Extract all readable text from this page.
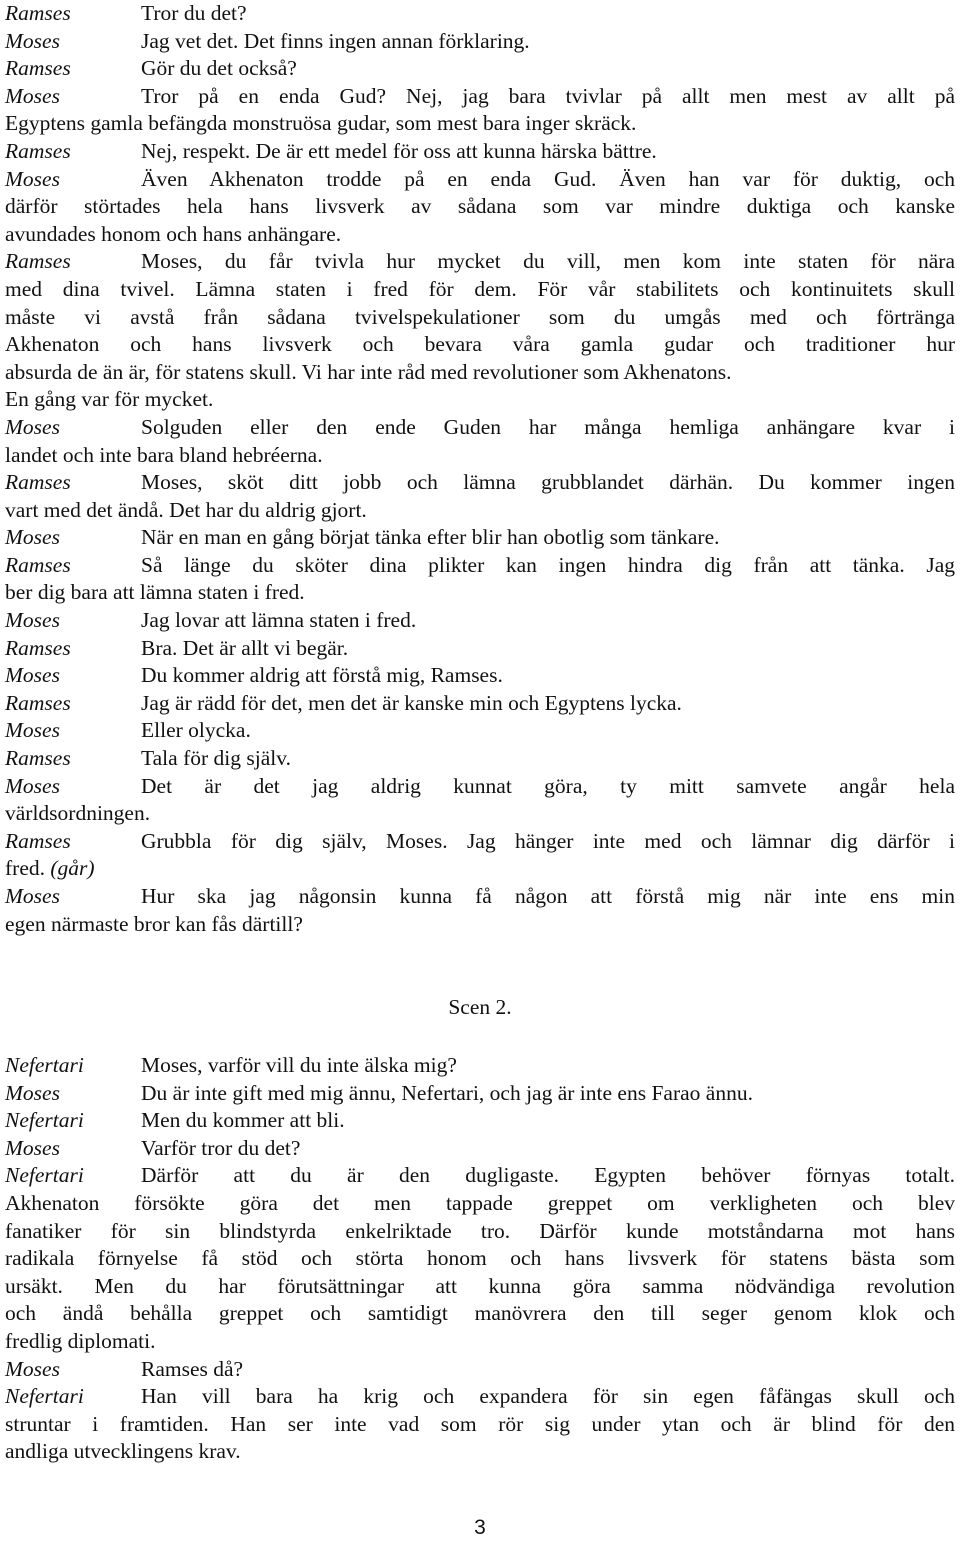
Ramses	Tror du det?
Moses	Jag vet det. Det finns ingen annan förklaring.
Ramses	Gör du det också?
Moses	Tror på en enda Gud? Nej, jag bara tvivlar på allt men mest av allt på
Egyptens gamla befängda monstruösa gudar, som mest bara inger skräck.
Ramses	Nej, respekt. De är ett medel för oss att kunna härska bättre.
Moses	Även Akhenaton trodde på en enda Gud. Även han var för duktig, och
därför störtades hela hans livsverk av sådana som var mindre duktiga och kanske
avundades honom och hans anhängare.
Ramses	Moses, du får tvivla hur mycket du vill, men kom inte staten för nära
med dina tvivel. Lämna staten i fred för dem. För vår stabilitets och kontinuitets skull
måste vi avstå från sådana tvivelspekulationer som du umgås med och förtränga
Akhenaton och hans livsverk och bevara våra gamla gudar och traditioner hur
absurda de än är, för statens skull. Vi har inte råd med revolutioner som Akhenatons.
En gång var för mycket.
Moses	Solguden eller den ende Guden har många hemliga anhängare kvar i
landet och inte bara bland hebréerna.
Ramses	Moses, sköt ditt jobb och lämna grubblandet därhän. Du kommer ingen
vart med det ändå. Det har du aldrig gjort.
Moses	När en man en gång börjat tänka efter blir han obotlig som tänkare.
Ramses	Så länge du sköter dina plikter kan ingen hindra dig från att tänka. Jag
ber dig bara att lämna staten i fred.
Moses	Jag lovar att lämna staten i fred.
Ramses	Bra. Det är allt vi begär.
Moses	Du kommer aldrig att förstå mig, Ramses.
Ramses	Jag är rädd för det, men det är kanske min och Egyptens lycka.
Moses	Eller olycka.
Ramses	Tala för dig själv.
Moses	Det är det jag aldrig kunnat göra, ty mitt samvete angår hela
världsordningen.
Ramses	Grubbla för dig själv, Moses. Jag hänger inte med och lämnar dig därför i
fred. (går)
Moses	Hur ska jag någonsin kunna få någon att förstå mig när inte ens min
egen närmaste bror kan fås därtill?
Scen 2.
Nefertari	Moses, varför vill du inte älska mig?
Moses	Du är inte gift med mig ännu, Nefertari, och jag är inte ens Farao ännu.
Nefertari	Men du kommer att bli.
Moses	Varför tror du det?
Nefertari	Därför att du är den dugligaste. Egypten behöver förnyas totalt.
Akhenaton försökte göra det men tappade greppet om verkligheten och blev
fanatiker för sin blindstyrda enkelriktade tro. Därför kunde motståndarna mot hans
radikala förnyelse få stöd och störta honom och hans livsverk för statens bästa som
ursäkt. Men du har förutsättningar att kunna göra samma nödvändiga revolution
och ändå behålla greppet och samtidigt manövrera den till seger genom klok och
fredlig diplomati.
Moses	Ramses då?
Nefertari	Han vill bara ha krig och expandera för sin egen fåfängas skull och
struntar i framtiden. Han ser inte vad som rör sig under ytan och är blind för den
andliga utvecklingens krav.
3
